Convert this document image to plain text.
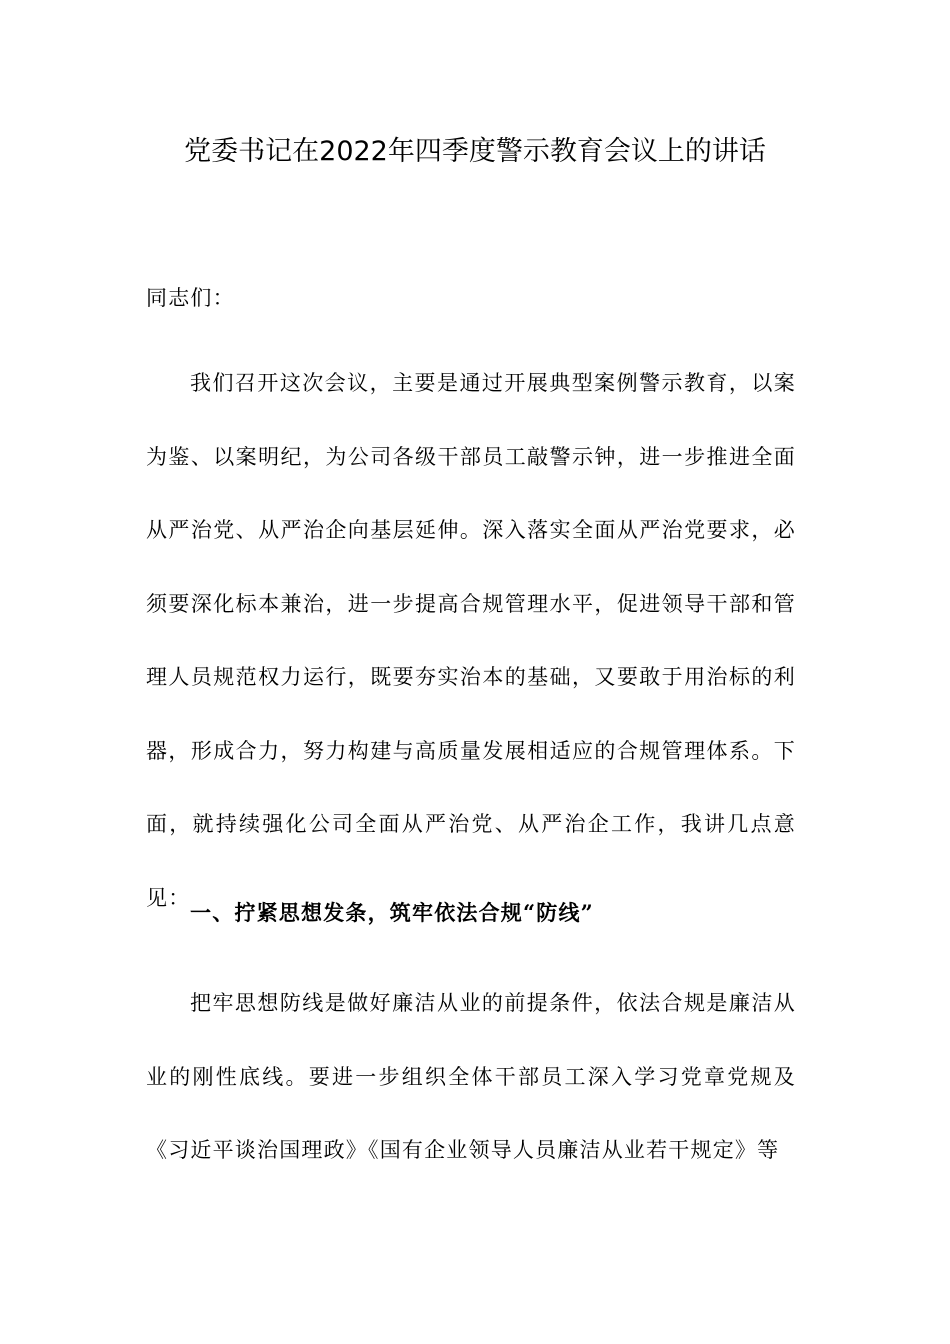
党委书记在2022年四季度警示教育会议上的讲话

同志们：

我们召开这次会议，主要是通过开展典型案例警示教育，以案为鉴、以案明纪，为公司各级干部员工敲警示钟，进一步推进全面从严治党、从严治企向基层延伸。深入落实全面从严治党要求，必须要深化标本兼治，进一步提高合规管理水平，促进领导干部和管理人员规范权力运行，既要夯实治本的基础，又要敢于用治标的利器，形成合力，努力构建与高质量发展相适应的合规管理体系。下面，就持续强化公司全面从严治党、从严治企工作，我讲几点意见：

一、拧紧思想发条，筑牢依法合规“防线”

把牢思想防线是做好廉洁从业的前提条件，依法合规是廉洁从业的刚性底线。要进一步组织全体干部员工深入学习党章党规及《习近平谈治国理政》《国有企业领导人员廉洁从业若干规定》等
